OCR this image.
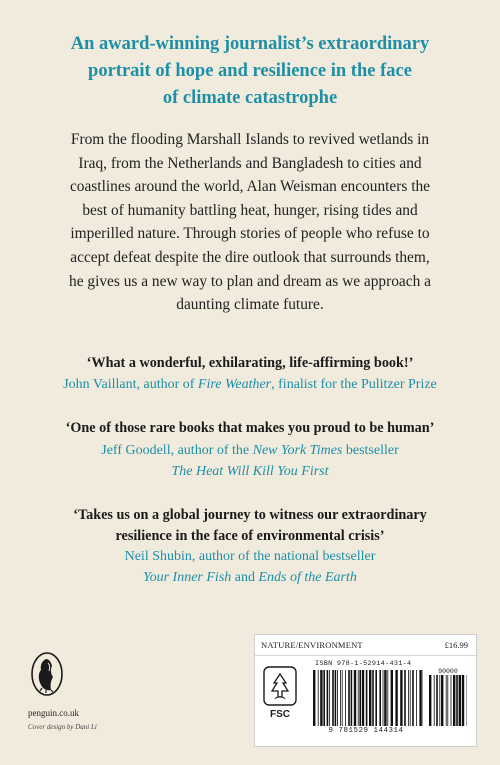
An award-winning journalist’s extraordinary
portrait of hope and resilience in the face
of climate catastrophe
From the flooding Marshall Islands to revived wetlands in
Iraq, from the Netherlands and Bangladesh to cities and
coastlines around the world, Alan Weisman encounters the
best of humanity battling heat, hunger, rising tides and
imperilled nature. Through stories of people who refuse to
accept defeat despite the dire outlook that surrounds them,
he gives us a new way to plan and dream as we approach a
daunting climate future.
‘What a wonderful, exhilarating, life-affirming book!’
John Vaillant, author of Fire Weather, finalist for the Pulitzer Prize
‘One of those rare books that makes you proud to be human’
Jeff Goodell, author of the New York Times bestseller
The Heat Will Kill You First
‘Takes us on a global journey to witness our extraordinary
resilience in the face of environmental crisis’
Neil Shubin, author of the national bestseller
Your Inner Fish and Ends of the Earth
penguin.co.uk
Cover design by Dani Li
NATURE/ENVIRONMENT	£16.99
FSC
ISBN 978-1-52914-431-4
90000
9 781529 144314
